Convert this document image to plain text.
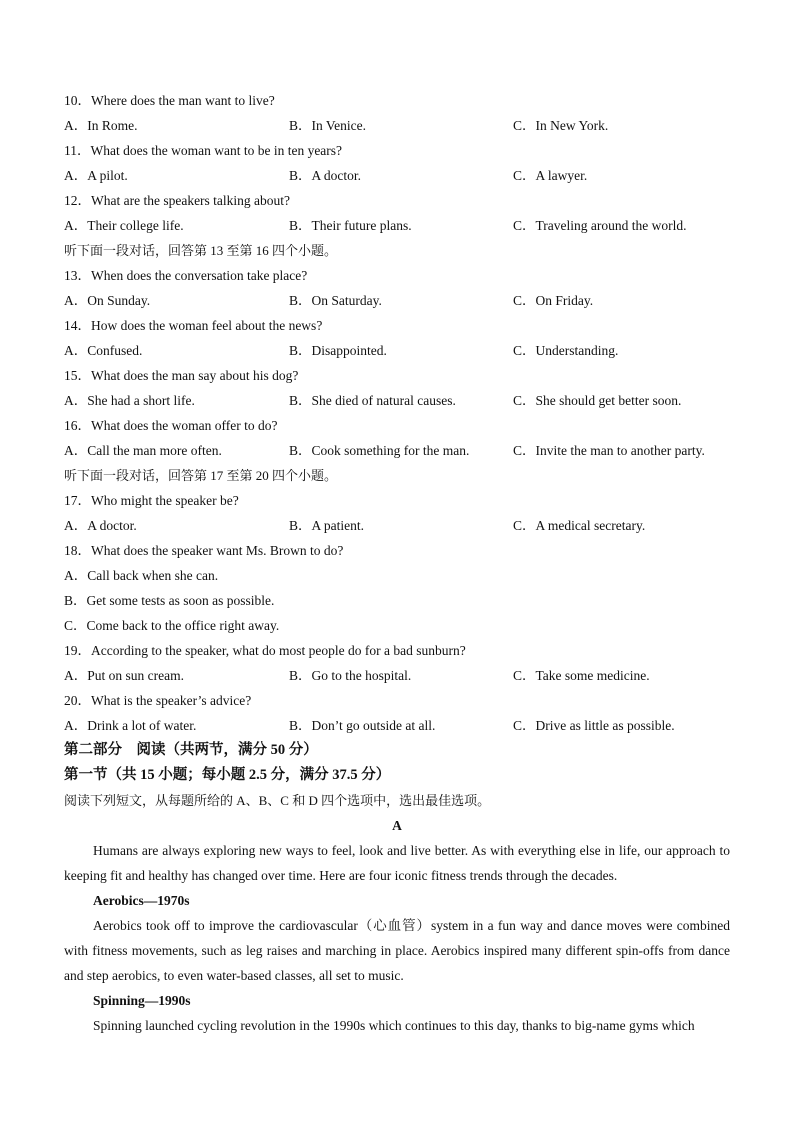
10．Where does the man want to live?
A．In Rome.	B．In Venice.	C．In New York.
11．What does the woman want to be in ten years?
A．A pilot.	B．A doctor.	C．A lawyer.
12．What are the speakers talking about?
A．Their college life.	B．Their future plans.	C．Traveling around the world.
听下面一段对话，回答第 13 至第 16 四个小题。
13．When does the conversation take place?
A．On Sunday.	B．On Saturday.	C．On Friday.
14．How does the woman feel about the news?
A．Confused.	B．Disappointed.	C．Understanding.
15．What does the man say about his dog?
A．She had a short life.	B．She died of natural causes.	C．She should get better soon.
16．What does the woman offer to do?
A．Call the man more often.	B．Cook something for the man.	C．Invite the man to another party.
听下面一段对话，回答第 17 至第 20 四个小题。
17．Who might the speaker be?
A．A doctor.	B．A patient.	C．A medical secretary.
18．What does the speaker want Ms. Brown to do?
A．Call back when she can.
B．Get some tests as soon as possible.
C．Come back to the office right away.
19．According to the speaker, what do most people do for a bad sunburn?
A．Put on sun cream.	B．Go to the hospital.	C．Take some medicine.
20．What is the speaker’s advice?
A．Drink a lot of water.	B．Don’t go outside at all.	C．Drive as little as possible.
第二部分　阅读（共两节，满分 50 分）
第一节（共 15 小题；每小题 2.5 分，满分 37.5 分）
阅读下列短文，从每题所给的 A、B、C 和 D 四个选项中，选出最佳选项。
A
Humans are always exploring new ways to feel, look and live better. As with everything else in life, our approach to keeping fit and healthy has changed over time. Here are four iconic fitness trends through the decades.
Aerobics—1970s
Aerobics took off to improve the cardiovascular（心血管）system in a fun way and dance moves were combined with fitness movements, such as leg raises and marching in place. Aerobics inspired many different spin-offs from dance and step aerobics, to even water-based classes, all set to music.
Spinning—1990s
Spinning launched cycling revolution in the 1990s which continues to this day, thanks to big-name gyms which
